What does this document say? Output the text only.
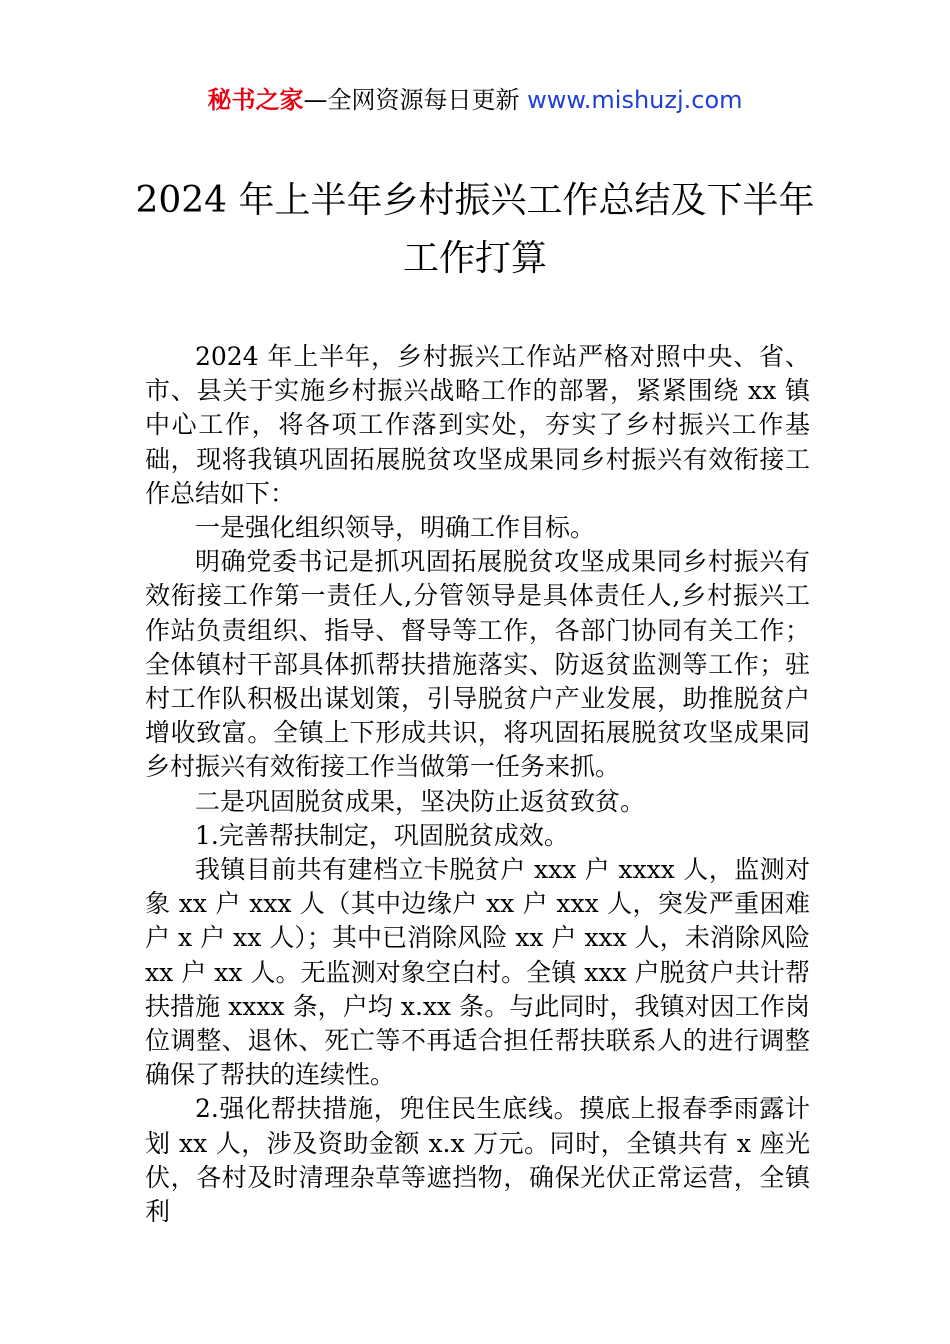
秘书之家—全网资源每日更新 www.mishuzj.com
2024 年上半年乡村振兴工作总结及下半年
工作打算

2024 年上半年，乡村振兴工作站严格对照中央、省、市、县关于实施乡村振兴战略工作的部署，紧紧围绕 xx 镇中心工作，将各项工作落到实处，夯实了乡村振兴工作基础，现将我镇巩固拓展脱贫攻坚成果同乡村振兴有效衔接工作总结如下：

一是强化组织领导，明确工作目标。

明确党委书记是抓巩固拓展脱贫攻坚成果同乡村振兴有效衔接工作第一责任人,分管领导是具体责任人,乡村振兴工作站负责组织、指导、督导等工作，各部门协同有关工作；全体镇村干部具体抓帮扶措施落实、防返贫监测等工作；驻村工作队积极出谋划策，引导脱贫户产业发展，助推脱贫户增收致富。全镇上下形成共识，将巩固拓展脱贫攻坚成果同乡村振兴有效衔接工作当做第一任务来抓。

二是巩固脱贫成果，坚决防止返贫致贫。

1.完善帮扶制定，巩固脱贫成效。

我镇目前共有建档立卡脱贫户 xxx 户 xxxx 人，监测对象 xx 户 xxx 人（其中边缘户 xx 户 xxx 人，突发严重困难户 x 户 xx 人）；其中已消除风险 xx 户 xxx 人，未消除风险 xx 户 xx 人。无监测对象空白村。全镇 xxx 户脱贫户共计帮扶措施 xxxx 条，户均 x.xx 条。与此同时，我镇对因工作岗位调整、退休、死亡等不再适合担任帮扶联系人的进行调整确保了帮扶的连续性。

2.强化帮扶措施，兜住民生底线。摸底上报春季雨露计划 xx 人，涉及资助金额 x.x 万元。同时，全镇共有 x 座光伏，各村及时清理杂草等遮挡物，确保光伏正常运营，全镇利
